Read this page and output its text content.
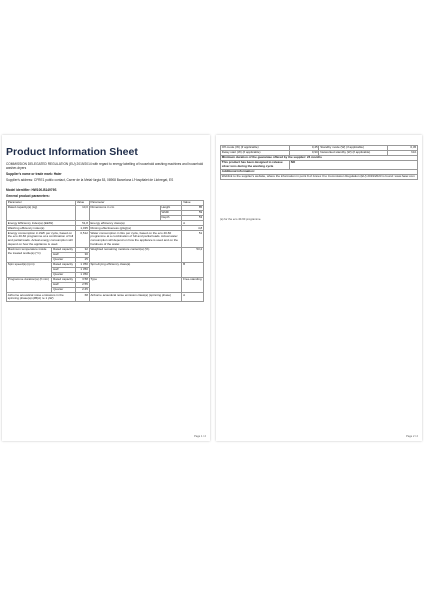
Product Information Sheet
COMMISSION DELEGATED REGULATION (EU) 2019/2014 with regard to energy labelling of household washing machines and household washer-dryers
Supplier's name or trade mark: Haier
Supplier's address: CFRE1 public contact, Carrer de la Metal·lúrgia 53, 08908 Barcelona L'Hospitalet de Llobregat, ES
Model identifier: HW100-B14979S
General product parameters:
Parameter		Value	Parameter		Value
Rated capacity(a) (kg)		10,0	Dimensions in cm	Height	85
				Width	59
				Depth	53
Energy Efficiency Index(a) (EEIW)		51,8	Energy efficiency class(a)		A
Washing efficiency index(a)		1,035	Rinsing effectiveness (g/kg)(a)		4,8
Energy consumption in kWh per cycle, based on the eco 40-60 programme at a combination of full and partial loads. Actual energy consumption will depend on how the appliance is used.		0,512	Water consumption in litre per cycle, based on the eco 40-60 programme at a combination of full and partial loads. Actual water consumption will depend on how the appliance is used and on the hardness of the water.		51
Maximum temperature inside the treated textile(a) (°C)	Rated capacity	32	Weighted remaining moisture content(a) (%)		53,2
	Half	30			
	Quarter	25			
Spin speed(a) (rpm)	Rated capacity	1 350	Spin-drying efficiency class(a)		B
	Half	1 350			
	Quarter	1 350			
Programme duration(a) (h:min)	Rated capacity	3:58	Type		Free-standing
	Half	2:55			
	Quarter	2:45			
Airborne acoustical noise emissions in the spinning phase(a) (dB(A) re 1 pW)		68	Airborne acoustical noise emission class(a) (spinning phase)		A
Page 1 / 2
Off-mode (W) (if applicable)	0,45	Standby mode (W) (if applicable)	0,45
Delay start (W) (if applicable)	0,90	Networked standby (W) (if applicable)	N/A
Minimum duration of the guarantee offered by the supplier: 24 months			
This product has been designed to release silver ions during the washing cycle	NO		
Additional information:			
Weblink to the supplier's website, where the information in point 9 of Annex II to Commission Regulation (EU) 2019/2023 is found: www.haier.com			
(a) for the eco 40-60 programme.
Page 2 / 2
